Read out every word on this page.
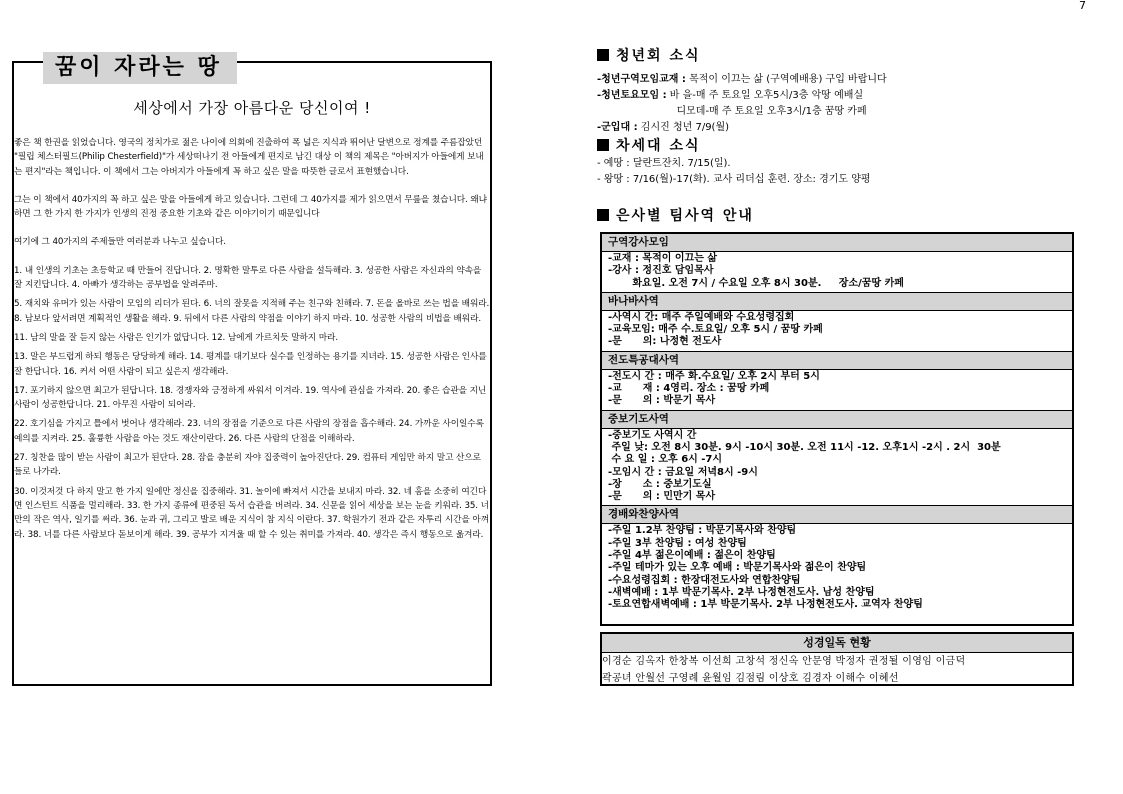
7
꿈이 자라는 땅
세상에서 가장 아름다운 당신이여 !

좋은 책 한권을 읽었습니다. 영국의 정치가로 젊은 나이에 의회에 진출하여 폭 넓은 지식과 뛰어난 달변으로 정계를 주름잡았던 "필립 체스터필드(Philip Chesterfield)"가 세상떠나기 전 아들에게 편지로 남긴 대상 이 책의 제목은 "아버지가 아들에게 보내는 편지"라는 책입니다. 이 책에서 그는 아버지가 아들에게 꼭 하고 싶은 말을 따뜻한 글로서 표현했습니다.

그는 이 책에서 40가지의 꼭 하고 싶은 말을 아들에게 하고 있습니다. 그런데 그 40가지를 제가 읽으면서 무릎을 쳤습니다. 왜냐하면 그 한 가지 한 가지가 인생의 진정 중요한 기초와 같은 이야기이기 때문입니다

여기에 그 40가지의 주제들만 여러분과 나누고 싶습니다.

1. 내 인생의 기초는 초등학교 때 만들어 진답니다. 2. 명확한 말투로 다른 사람을 설득해라. 3. 성공한 사람은 자신과의 약속을 잘 지킨답니다. 4. 아빠가 생각하는 공부법을 알려주마.

5. 재치와 유머가 있는 사람이 모임의 리더가 된다. 6. 너의 잘못을 지적해 주는 친구와 친해라. 7. 돈을 올바로 쓰는 법을 배워라. 8. 남보다 앞서려면 계획적인 생활을 해라. 9. 뒤에서 다른 사람의 약점을 이야기 하지 마라. 10. 성공한 사람의 비법을 배워라.

11. 남의 말을 잘 듣지 않는 사람은 인기가 없답니다. 12. 남에게 가르치듯 말하지 마라.

13. 말은 부드럽게 하되 행동은 당당하게 해라. 14. 평계를 대기보다 실수를 인정하는 용기를 지녀라. 15. 성공한 사람은 인사를 잘 한답니다. 16. 커서 어떤 사람이 되고 싶은지 생각해라.

17. 포기하지 않으면 최고가 된답니다. 18. 경쟁자와 긍정하게 싸워서 이겨라. 19. 역사에 관심을 가져라. 20. 좋은 습관을 지닌 사람이 성공한답니다. 21. 아무진 사람이 되어라.

22. 호기심을 가지고 틀에서 벗어나 생각해라. 23. 너의 장점을 기준으로 다른 사람의 장점을 흡수해라. 24. 가까운 사이일수록 예의를 지켜라. 25. 훌륭한 사람을 아는 것도 재산이란다. 26. 다른 사람의 단점을 이해하라.

27. 칭찬을 많이 받는 사람이 최고가 된단다. 28. 잠을 충분히 자야 집중력이 높아진단다. 29. 컴퓨터 게임만 하지 말고 산으로 들로 나가라.

30. 이것저것 다 하지 말고 한 가지 일에만 정신을 집중해라. 31. 놀이에 빠져서 시간을 보내지 마라. 32. 네 홈을 소중히 여긴다면 인스턴트 식품을 멀리해라. 33. 한 가지 종류에 편중된 독서 습관을 버려라. 34. 신문을 읽어 세상을 보는 눈을 키워라. 35. 너만의 작은 역사, 일기를 써라. 36. 눈과 귀, 그리고 발로 배운 지식이 참 지식 이란다. 37. 학원가기 전과 같은 자투리 시간을 아껴라. 38. 너를 다른 사람보다 돋보이게 해라. 39. 공부가 지겨울 때 할 수 있는 취미를 가져라. 40. 생각은 즉시 행동으로 옮겨라.

청년회 소식
-청년구역모임교재 : 목적이 이끄는 삶 (구역예배용) 구입 바랍니다
-청년토요모임 : 바 을-매 주 토요일 오후5시/3층 악땅 예배실
디모데-매 주 토요일 오후3시/1층 꿈땅 카페
-군입대 : 김시진 청년 7/9(월)
차세대 소식
- 예땅 : 달란트잔치. 7/15(일).
- 왕땅 : 7/16(월)-17(화). 교사 리더십 훈련. 장소: 경기도 양평
은사별 팀사역 안내
구역강사모임
-교재 : 목적이 이끄는 삶
-강사 : 정진호 담임목사
화요일. 오전 7시 / 수요일 오후 8시 30분.     장소/꿈땅 카페
바나바사역
-사역시 간: 매주 주일예배와 수요성령집회
-교육모임: 매주 수.토요일/ 오후 5시 / 꿈땅 카페
-문      의: 나정현 전도사
전도특공대사역
-전도시 간 : 매주 화.수요일/ 오후 2시 부터 5시
-교      재 : 4영리. 장소 : 꿈땅 카페
-문      의 : 박문기 목사
중보기도사역
-중보기도 사역시 간
주일 낮: 오전 8시 30분. 9시 -10시 30분. 오전 11시 -12. 오후1시 -2시 . 2시  30분
수 요 일 : 오후 6시 -7시
-모임시 간 : 금요일 저녁8시 -9시
-장      소 : 중보기도실
-문      의 : 민만기 목사
경배와찬양사역
-주일 1.2부 찬양팀 : 박문기목사와 찬양팀
-주일 3부 찬양팀 : 여성 찬양팀
-주일 4부 젊은이예배 : 젊은이 찬양팀
-주일 테마가 있는 오후 예배 : 박문기목사와 젊은이 찬양팀
-수요성령집회 : 한장대전도사와 연합찬양팀
-새벽예배 : 1부 박문기목사. 2부 나정현전도사. 남성 찬양팀
-토요연합새벽예배 : 1부 박문기목사. 2부 나정현전도사. 교역자 찬양팀
성경일독 현황
이경순 김옥자 한창복 이선희 고창석 정신옥 안문영 박정자 권정될 이영임 이금덕
곽공녀 안월선 구영례 윤월임 김점림 이상호 김경자 이해수 이혜선
